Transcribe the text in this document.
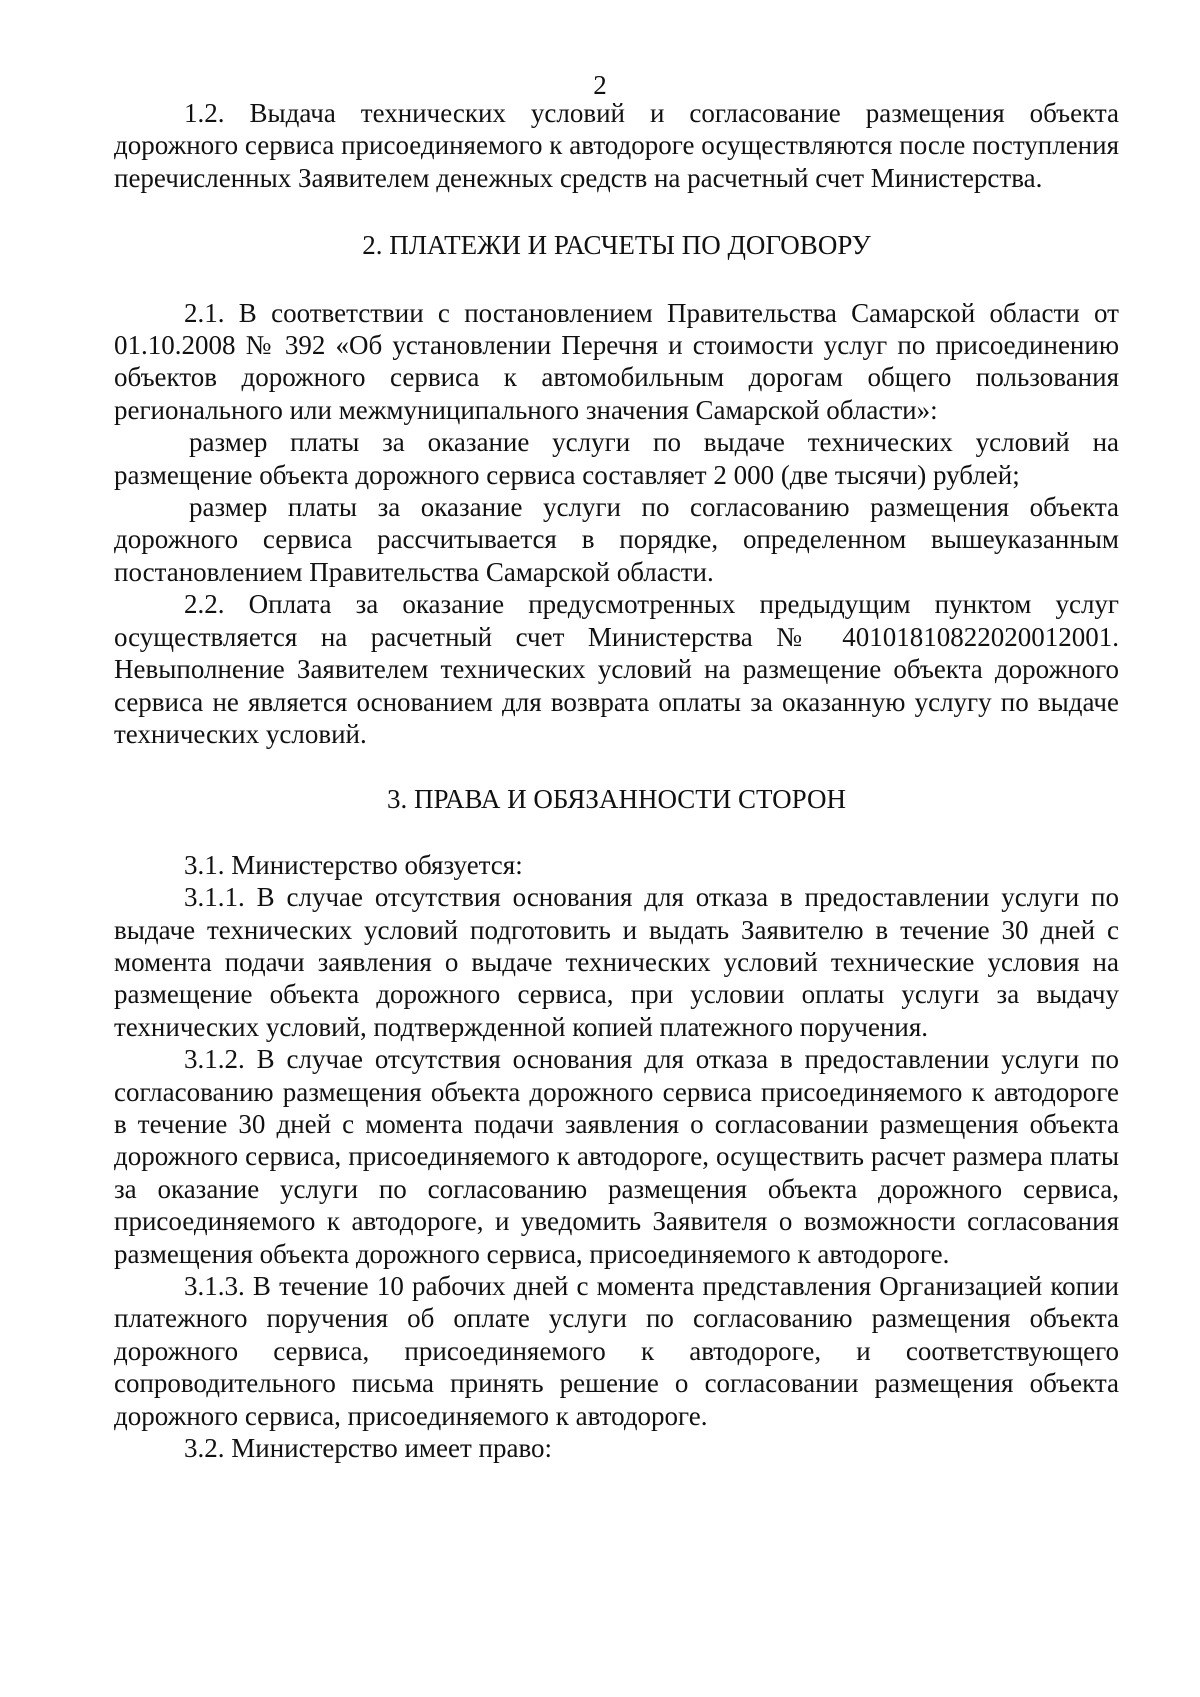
2

1.2. Выдача технических условий и согласование размещения объекта дорожного сервиса присоединяемого к автодороге осуществляются после поступления перечисленных Заявителем денежных средств на расчетный счет Министерства.

2. ПЛАТЕЖИ И РАСЧЕТЫ ПО ДОГОВОРУ

2.1. В соответствии с постановлением Правительства Самарской области от 01.10.2008 № 392 «Об установлении Перечня и стоимости услуг по присоединению объектов дорожного сервиса к автомобильным дорогам общего пользования регионального или межмуниципального значения Самарской области»:

размер платы за оказание услуги по выдаче технических условий на размещение объекта дорожного сервиса составляет 2 000 (две тысячи) рублей;

размер платы за оказание услуги по согласованию размещения объекта дорожного сервиса рассчитывается в порядке, определенном вышеуказанным постановлением Правительства Самарской области.

2.2. Оплата за оказание предусмотренных предыдущим пунктом услуг осуществляется на расчетный счет Министерства № 40101810822020012001. Невыполнение Заявителем технических условий на размещение объекта дорожного сервиса не является основанием для возврата оплаты за оказанную услугу по выдаче технических условий.

3. ПРАВА И ОБЯЗАННОСТИ СТОРОН

3.1. Министерство обязуется:

3.1.1. В случае отсутствия основания для отказа в предоставлении услуги по выдаче технических условий подготовить и выдать Заявителю в течение 30 дней с момента подачи заявления о выдаче технических условий технические условия на размещение объекта дорожного сервиса, при условии оплаты услуги за выдачу технических условий, подтвержденной копией платежного поручения.

3.1.2. В случае отсутствия основания для отказа в предоставлении услуги по согласованию размещения объекта дорожного сервиса присоединяемого к автодороге в течение 30 дней с момента подачи заявления о согласовании размещения объекта дорожного сервиса, присоединяемого к автодороге, осуществить расчет размера платы за оказание услуги по согласованию размещения объекта дорожного сервиса, присоединяемого к автодороге, и уведомить Заявителя о возможности согласования размещения объекта дорожного сервиса, присоединяемого к автодороге.

3.1.3. В течение 10 рабочих дней с момента представления Организацией копии платежного поручения об оплате услуги по согласованию размещения объекта дорожного сервиса, присоединяемого к автодороге, и соответствующего сопроводительного письма принять решение о согласовании размещения объекта дорожного сервиса, присоединяемого к автодороге.

3.2. Министерство имеет право:
